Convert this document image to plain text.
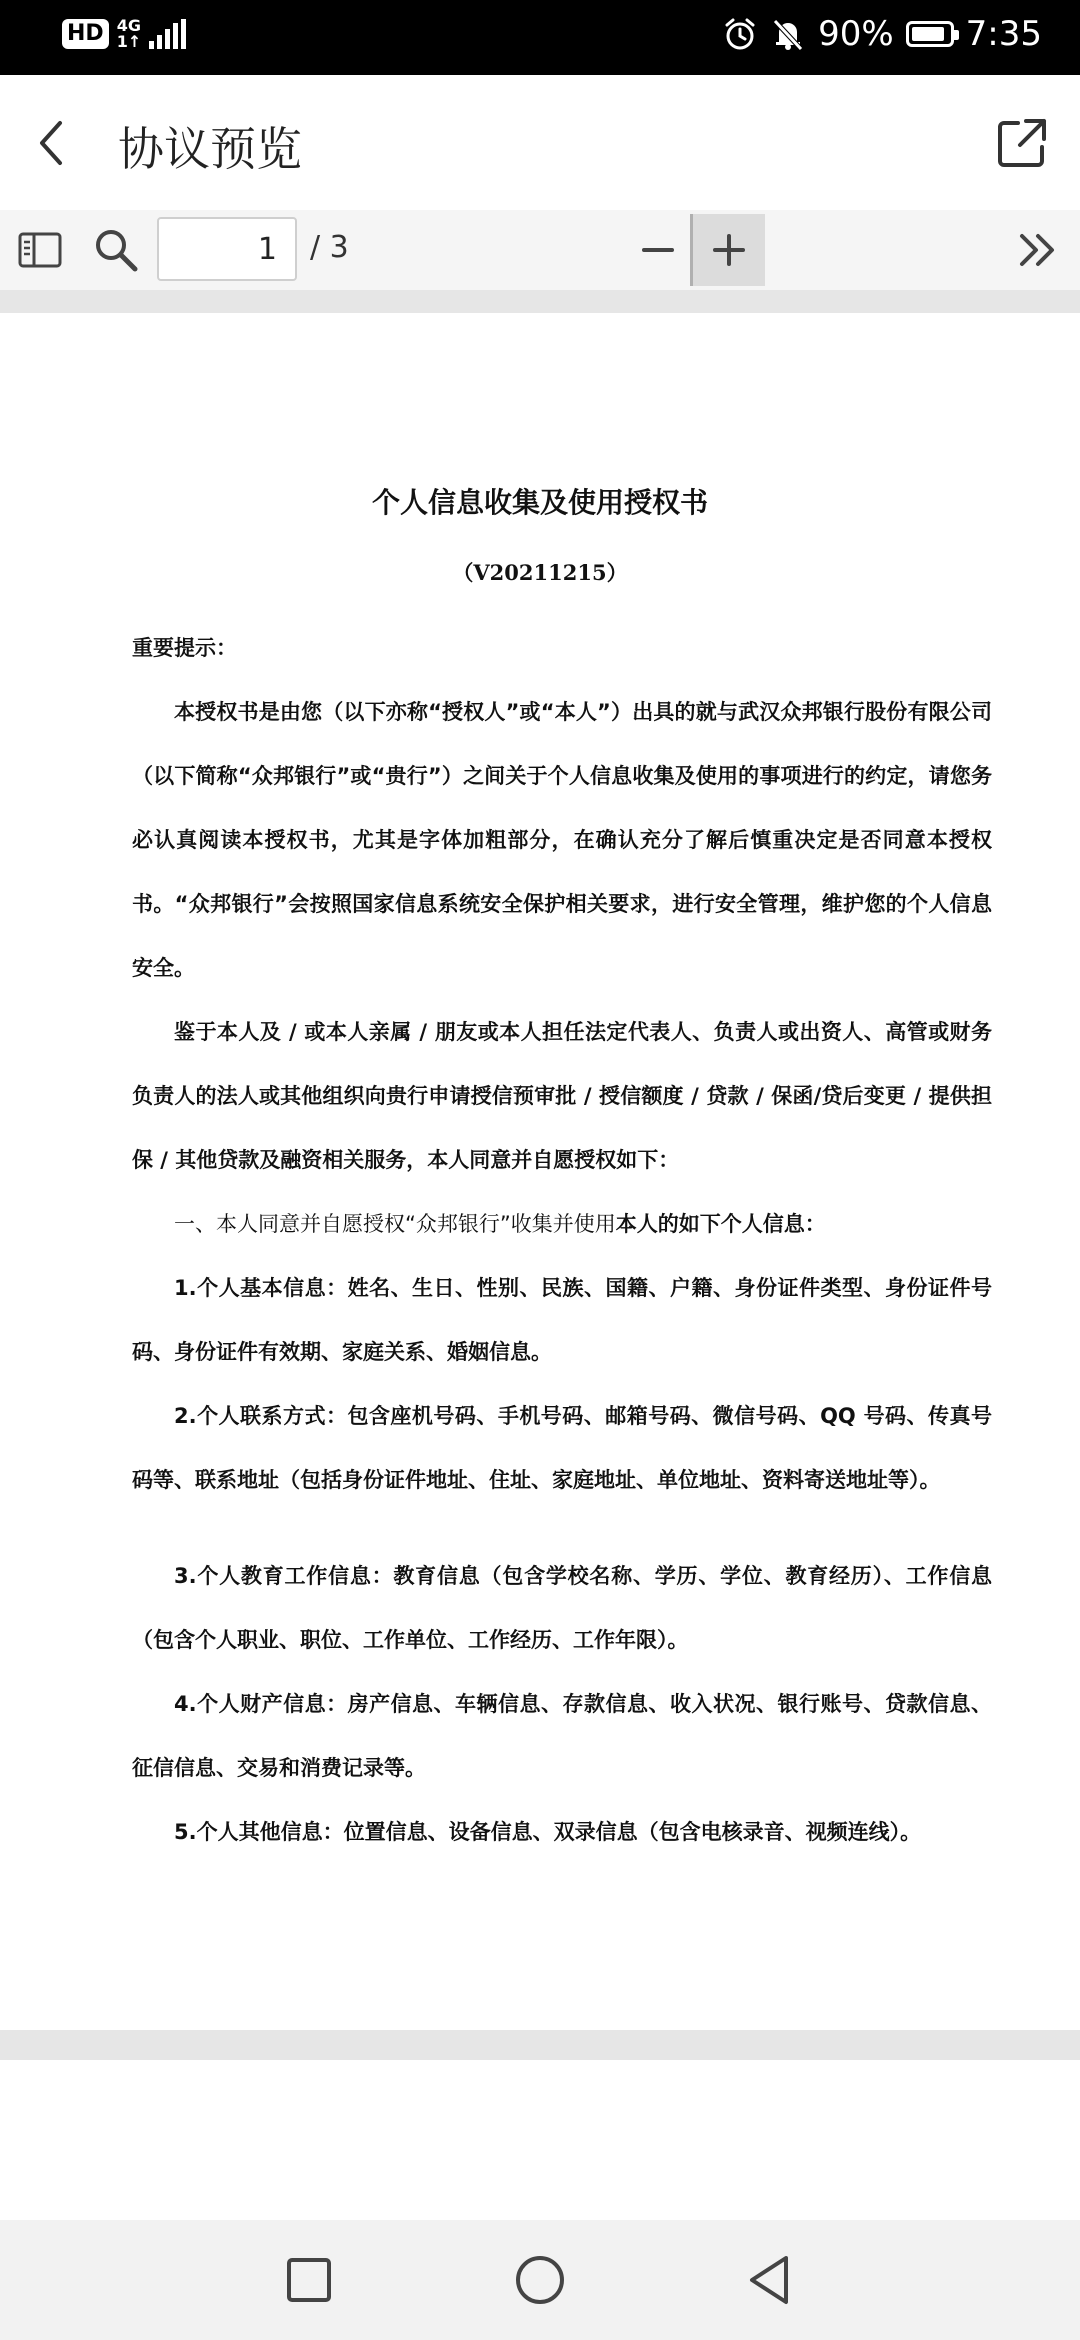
HD 4G
1↑	90% 7:35
协议预览
1
/ 3
个人信息收集及使用授权书
（V20211215）

重要提示：

本授权书是由您（以下亦称“授权人”或“本人”）出具的就与武汉众邦银行股份有限公司（以下简称“众邦银行”或“贵行”）之间关于个人信息收集及使用的事项进行的约定，请您务必认真阅读本授权书，尤其是字体加粗部分，在确认充分了解后慎重决定是否同意本授权书。“众邦银行”会按照国家信息系统安全保护相关要求，进行安全管理，维护您的个人信息安全。

鉴于本人及 / 或本人亲属 / 朋友或本人担任法定代表人、负责人或出资人、高管或财务负责人的法人或其他组织向贵行申请授信预审批 / 授信额度 / 贷款 / 保函/贷后变更 / 提供担保 / 其他贷款及融资相关服务，本人同意并自愿授权如下：

一、本人同意并自愿授权“众邦银行”收集并使用本人的如下个人信息：

1.个人基本信息：姓名、生日、性别、民族、国籍、户籍、身份证件类型、身份证件号码、身份证件有效期、家庭关系、婚姻信息。

2.个人联系方式：包含座机号码、手机号码、邮箱号码、微信号码、QQ 号码、传真号码等、联系地址（包括身份证件地址、住址、家庭地址、单位地址、资料寄送地址等）。

3.个人教育工作信息：教育信息（包含学校名称、学历、学位、教育经历）、工作信息（包含个人职业、职位、工作单位、工作经历、工作年限）。

4.个人财产信息：房产信息、车辆信息、存款信息、收入状况、银行账号、贷款信息、征信信息、交易和消费记录等。

5.个人其他信息：位置信息、设备信息、双录信息（包含电核录音、视频连线）。
